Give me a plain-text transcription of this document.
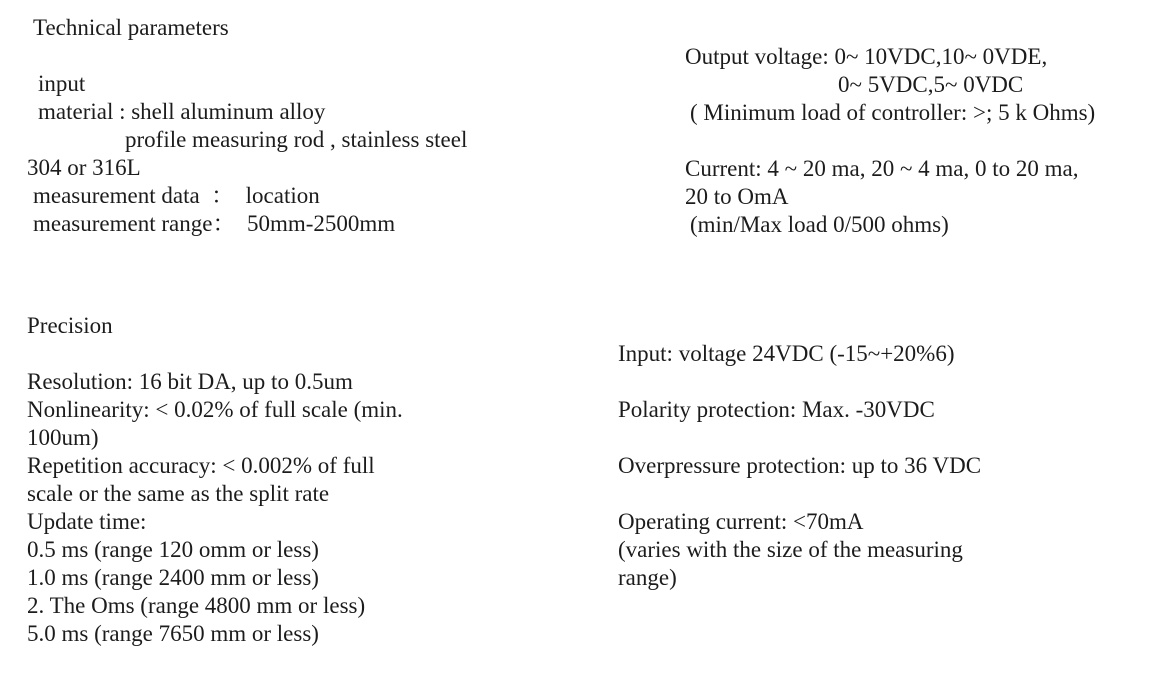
Technical parameters
input
material : shell aluminum alloy
profile measuring rod , stainless steel
304 or 316L
measurement data  ：  location
measurement range：  50mm-2500mm
Output voltage: 0~ 10VDC,10~ 0VDE,
0~ 5VDC,5~ 0VDC
( Minimum load of controller: >; 5 k Ohms)
Current: 4 ~ 20 ma, 20 ~ 4 ma, 0 to 20 ma,
20 to OmA
(min/Max load 0/500 ohms)
Precision
Resolution: 16 bit DA, up to 0.5um
Nonlinearity: < 0.02% of full scale (min.
100um)
Repetition accuracy: < 0.002% of full
scale or the same as the split rate
Update time:
0.5 ms (range 120 omm or less)
1.0 ms (range 2400 mm or less)
2. The Oms (range 4800 mm or less)
5.0 ms (range 7650 mm or less)
Input: voltage 24VDC (-15~+20%6)
Polarity protection: Max. -30VDC
Overpressure protection: up to 36 VDC
Operating current: <70mA
(varies with the size of the measuring
range)
